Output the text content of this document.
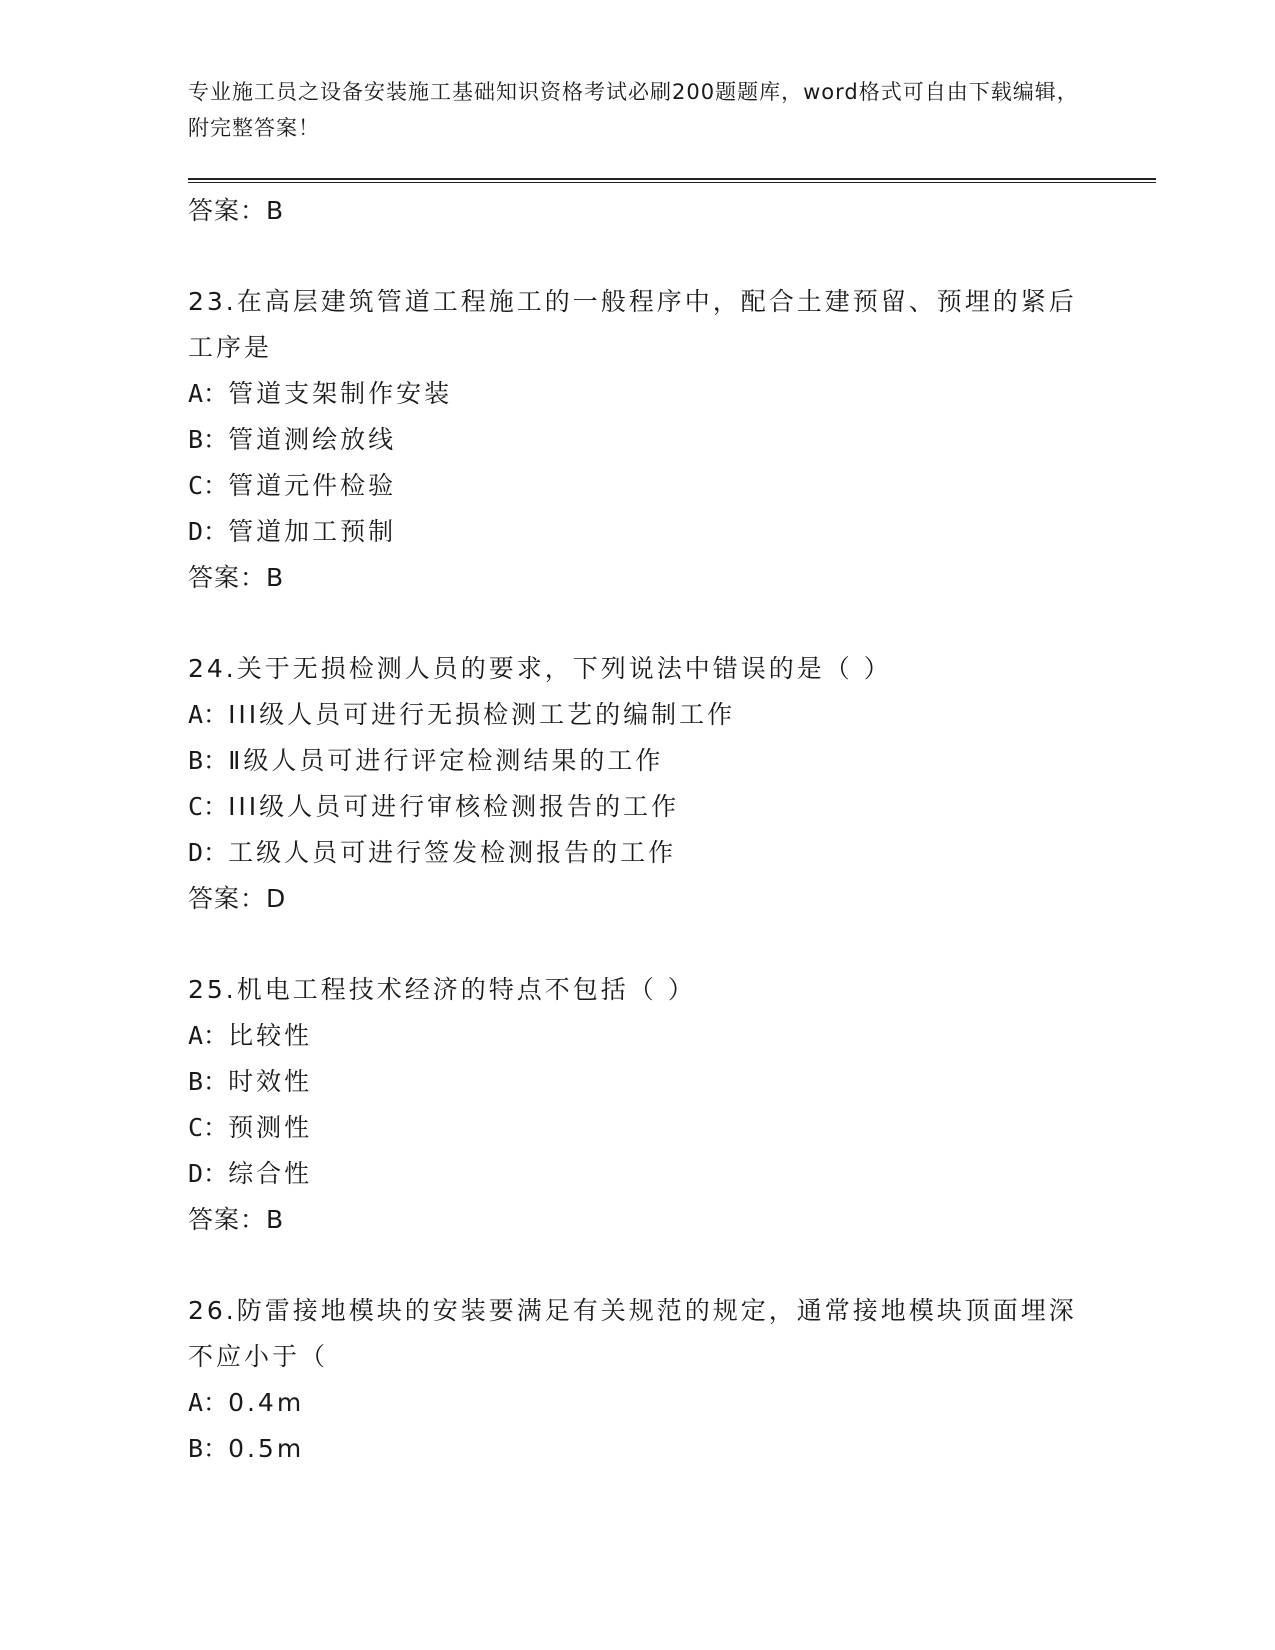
专业施工员之设备安装施工基础知识资格考试必刷200题题库，word格式可自由下载编辑，附完整答案！
答案：B
23.在高层建筑管道工程施工的一般程序中，配合土建预留、预埋的紧后工序是
A：管道支架制作安装
B：管道测绘放线
C：管道元件检验
D：管道加工预制
答案：B
24.关于无损检测人员的要求，下列说法中错误的是（ ）
A：III级人员可进行无损检测工艺的编制工作
B：Ⅱ级人员可进行评定检测结果的工作
C：III级人员可进行审核检测报告的工作
D：工级人员可进行签发检测报告的工作
答案：D
25.机电工程技术经济的特点不包括（ ）
A：比较性
B：时效性
C：预测性
D：综合性
答案：B
26.防雷接地模块的安装要满足有关规范的规定，通常接地模块顶面埋深不应小于（
A：0.4m
B：0.5m
